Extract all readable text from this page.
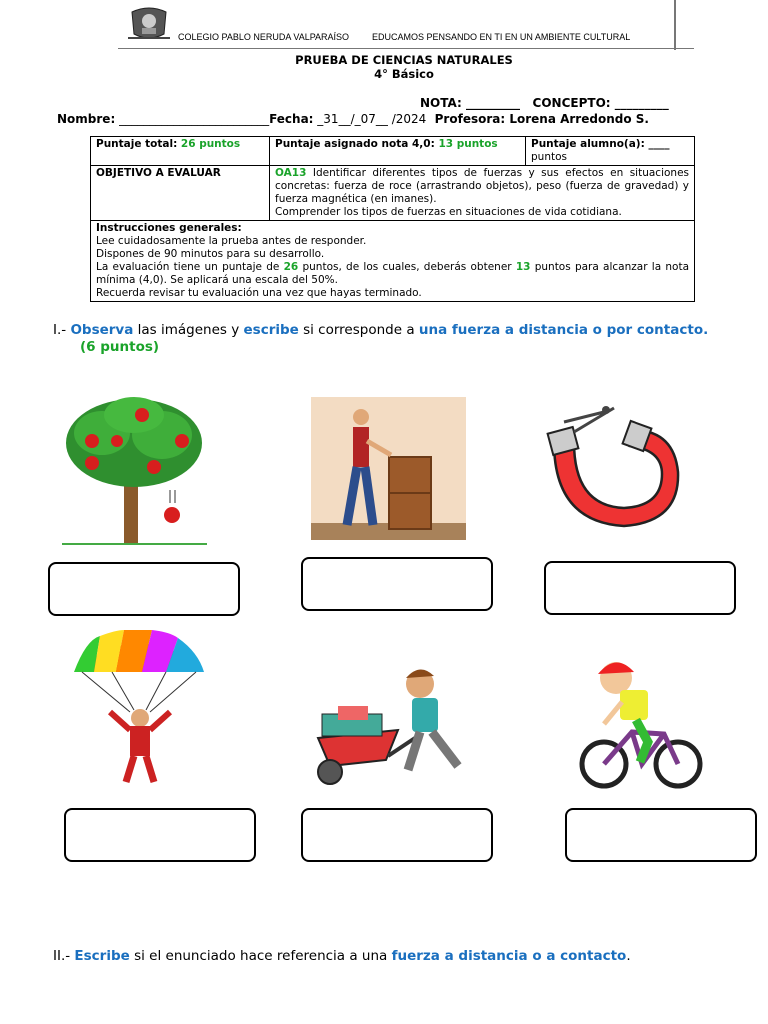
COLEGIO PABLO NERUDA VALPARAÍSO	EDUCAMOS PENSANDO EN TI EN UN AMBIENTE CULTURAL
PRUEBA DE CIENCIAS NATURALES
4° Básico
NOTA: _________ CONCEPTO: _________
Nombre: _________________________Fecha: _31__/_07__ /2024 Profesora: Lorena Arredondo S.
Puntaje total: 26 puntos	Puntaje asignado nota 4,0: 13 puntos	Puntaje alumno(a): ____
puntos
OBJETIVO A EVALUAR	OA13 Identificar diferentes tipos de fuerzas y sus efectos en situaciones concretas: fuerza de roce (arrastrando objetos), peso (fuerza de gravedad) y fuerza magnética (en imanes).
Comprender los tipos de fuerzas en situaciones de vida cotidiana.	
Instrucciones generales:
Lee cuidadosamente la prueba antes de responder.
Dispones de 90 minutos para su desarrollo.
La evaluación tiene un puntaje de 26 puntos, de los cuales, deberás obtener 13 puntos para alcanzar la nota mínima (4,0). Se aplicará una escala del 50%.
Recuerda revisar tu evaluación una vez que hayas terminado.		
I.- Observa las imágenes y escribe si corresponde a una fuerza a distancia o por contacto. (6 puntos)
II.- Escribe si el enunciado hace referencia a una fuerza a distancia o a contacto.
